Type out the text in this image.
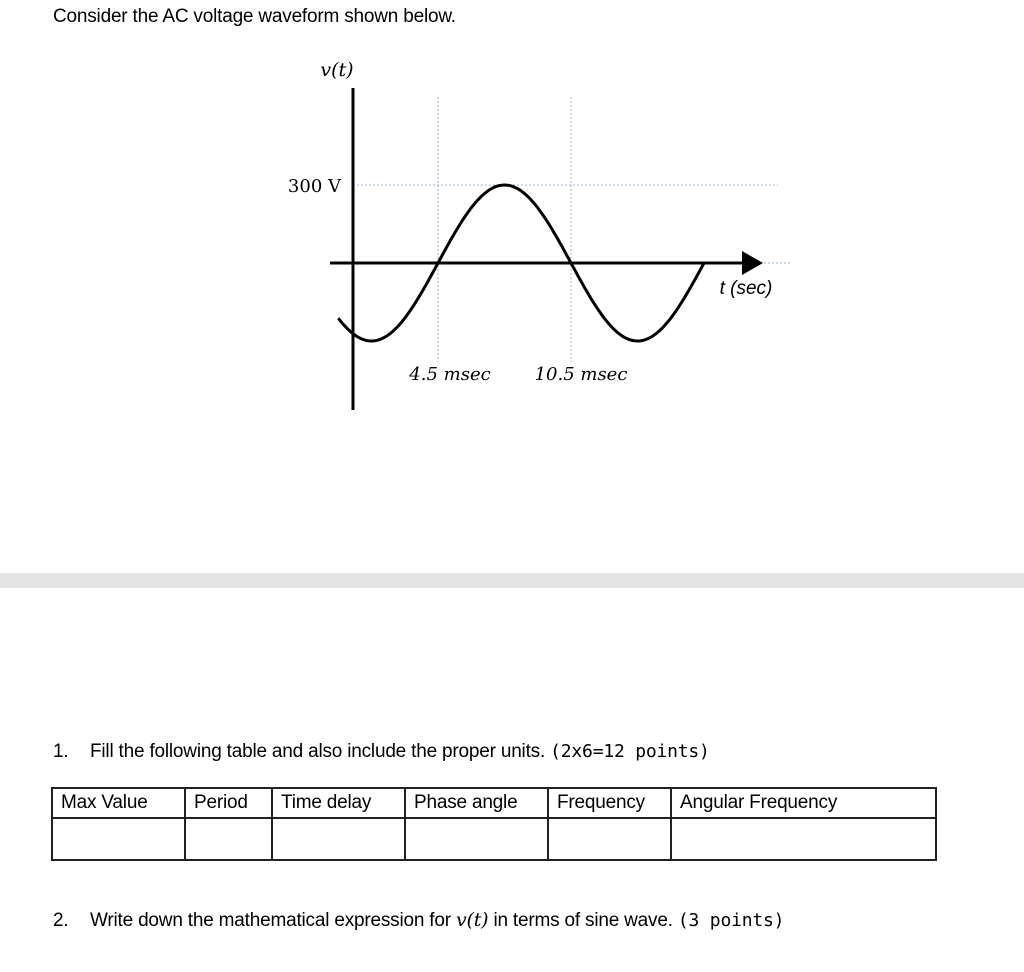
Consider the AC voltage waveform shown below.
v(t)
300 V
4.5 msec 10.5 msec
t (sec)
1. Fill the following table and also include the proper units. (2x6=12 points)
Max Value	Period	Time delay	Phase angle	Frequency	Angular Frequency

2. Write down the mathematical expression for v(t) in terms of sine wave. (3 points)
